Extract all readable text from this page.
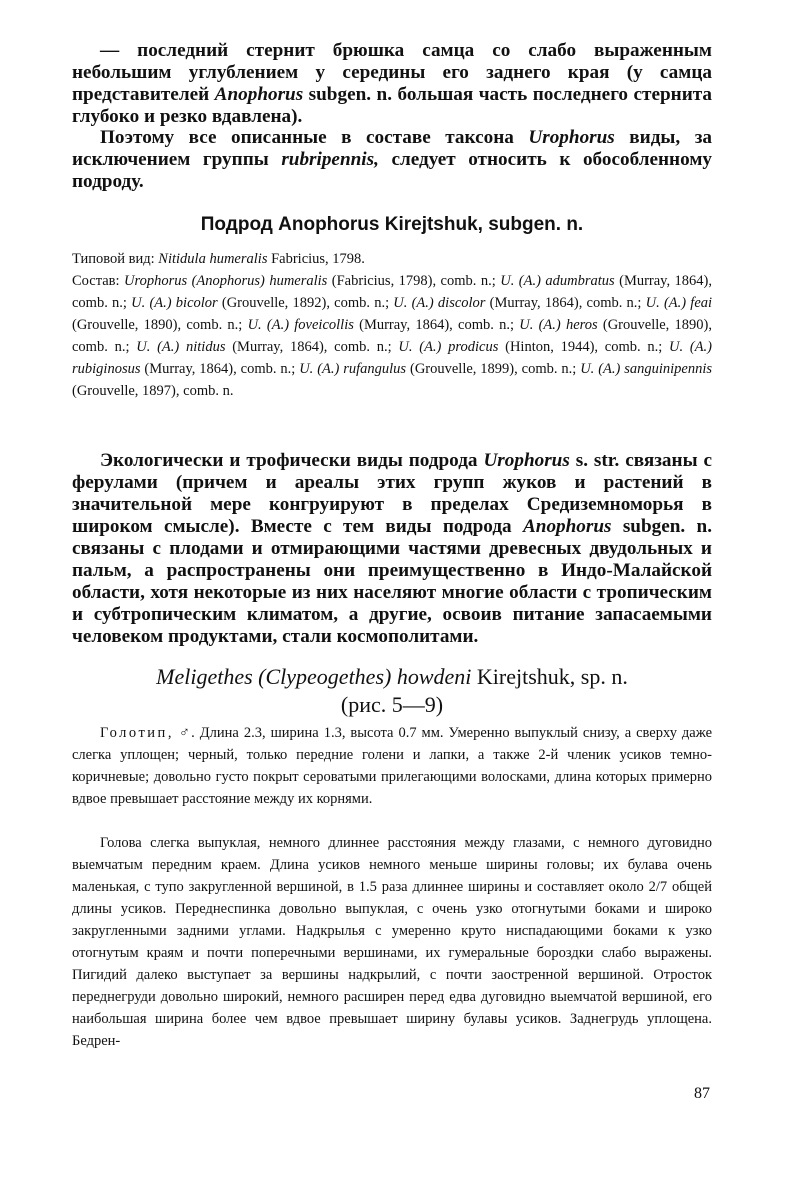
— последний стернит брюшка самца со слабо выраженным небольшим углублением у середины его заднего края (у самца представителей Anophorus subgen. n. большая часть последнего стернита глубоко и резко вдавлена).

Поэтому все описанные в составе таксона Urophorus виды, за исключением группы rubripennis, следует относить к обособленному подроду.

Подрод Anophorus Kirejtshuk, subgen. n.

Типовой вид: Nitidula humeralis Fabricius, 1798.

Состав: Urophorus (Anophorus) humeralis (Fabricius, 1798), comb. n.; U. (A.) adumbratus (Murray, 1864), comb. n.; U. (A.) bicolor (Grouvelle, 1892), comb. n.; U. (A.) discolor (Murray, 1864), comb. n.; U. (A.) feai (Grouvelle, 1890), comb. n.; U. (A.) foveicollis (Murray, 1864), comb. n.; U. (A.) heros (Grouvelle, 1890), comb. n.; U. (A.) nitidus (Murray, 1864), comb. n.; U. (A.) prodicus (Hinton, 1944), comb. n.; U. (A.) rubiginosus (Murray, 1864), comb. n.; U. (A.) rufangulus (Grouvelle, 1899), comb. n.; U. (A.) sanguinipennis (Grouvelle, 1897), comb. n.

Экологически и трофически виды подрода Urophorus s. str. связаны с ферулами (причем и ареалы этих групп жуков и растений в значительной мере конгруируют в пределах Средиземноморья в широком смысле). Вместе с тем виды подрода Anophorus subgen. n. связаны с плодами и отмирающими частями древесных двудольных и пальм, а распространены они преимущественно в Индо-Малайской области, хотя некоторые из них населяют многие области с тропическим и субтропическим климатом, а другие, освоив питание запасаемыми человеком продуктами, стали космополитами.

Meligethes (Clypeogethes) howdeni Kirejtshuk, sp. n.

(рис. 5—9)

Голотип, ♂. Длина 2.3, ширина 1.3, высота 0.7 мм. Умеренно выпуклый снизу, а сверху даже слегка уплощен; черный, только передние голени и лапки, а также 2-й членик усиков темно-коричневые; довольно густо покрыт сероватыми прилегающими волосками, длина которых примерно вдвое превышает расстояние между их корнями.

Голова слегка выпуклая, немного длиннее расстояния между глазами, с немного дуговидно выемчатым передним краем. Длина усиков немного меньше ширины головы; их булава очень маленькая, с тупо закругленной вершиной, в 1.5 раза длиннее ширины и составляет около 2/7 общей длины усиков. Переднеспинка довольно выпуклая, с очень узко отогнутыми боками и широко закругленными задними углами. Надкрылья с умеренно круто ниспадающими боками к узко отогнутым краям и почти поперечными вершинами, их гумеральные бороздки слабо выражены. Пигидий далеко выступает за вершины надкрылий, с почти заостренной вершиной. Отросток переднегруди довольно широкий, немного расширен перед едва дуговидно выемчатой вершиной, его наибольшая ширина более чем вдвое превышает ширину булавы усиков. Заднегрудь уплощена. Бедрен-

87
